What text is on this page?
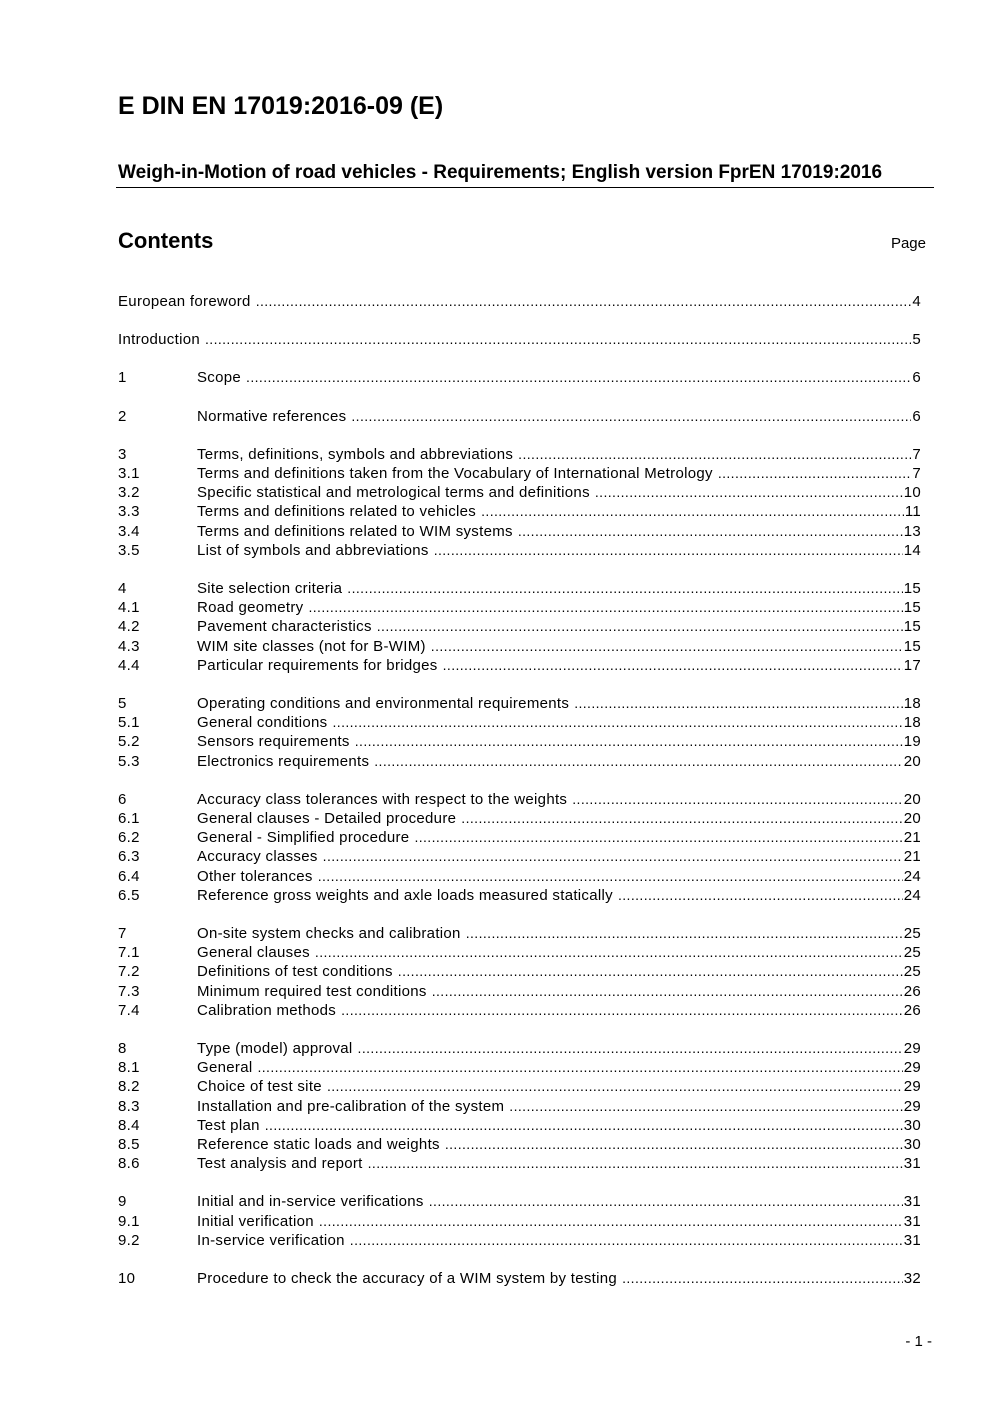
E DIN EN 17019:2016-09 (E)
Weigh-in-Motion of road vehicles - Requirements; English version FprEN 17019:2016
Contents	Page
European foreword .....	4
Introduction .....	5
1	Scope .....	6
2	Normative references .....	6
3	Terms, definitions, symbols and abbreviations .....	7
3.1	Terms and definitions taken from the Vocabulary of International Metrology .....	7
3.2	Specific statistical and metrological terms and definitions .....	10
3.3	Terms and definitions related to vehicles .....	11
3.4	Terms and definitions related to WIM systems .....	13
3.5	List of symbols and abbreviations .....	14
4	Site selection criteria .....	15
4.1	Road geometry .....	15
4.2	Pavement characteristics .....	15
4.3	WIM site classes (not for B-WIM) .....	15
4.4	Particular requirements for bridges .....	17
5	Operating conditions and environmental requirements .....	18
5.1	General conditions .....	18
5.2	Sensors requirements .....	19
5.3	Electronics requirements .....	20
6	Accuracy class tolerances with respect to the weights .....	20
6.1	General clauses - Detailed procedure .....	20
6.2	General - Simplified procedure .....	21
6.3	Accuracy classes .....	21
6.4	Other tolerances .....	24
6.5	Reference gross weights and axle loads measured statically .....	24
7	On-site system checks and calibration .....	25
7.1	General clauses .....	25
7.2	Definitions of test conditions .....	25
7.3	Minimum required test conditions .....	26
7.4	Calibration methods .....	26
8	Type (model) approval .....	29
8.1	General .....	29
8.2	Choice of test site .....	29
8.3	Installation and pre-calibration of the system .....	29
8.4	Test plan .....	30
8.5	Reference static loads and weights .....	30
8.6	Test analysis and report .....	31
9	Initial and in-service verifications .....	31
9.1	Initial verification .....	31
9.2	In-service verification .....	31
10	Procedure to check the accuracy of a WIM system by testing .....	32
- 1 -
